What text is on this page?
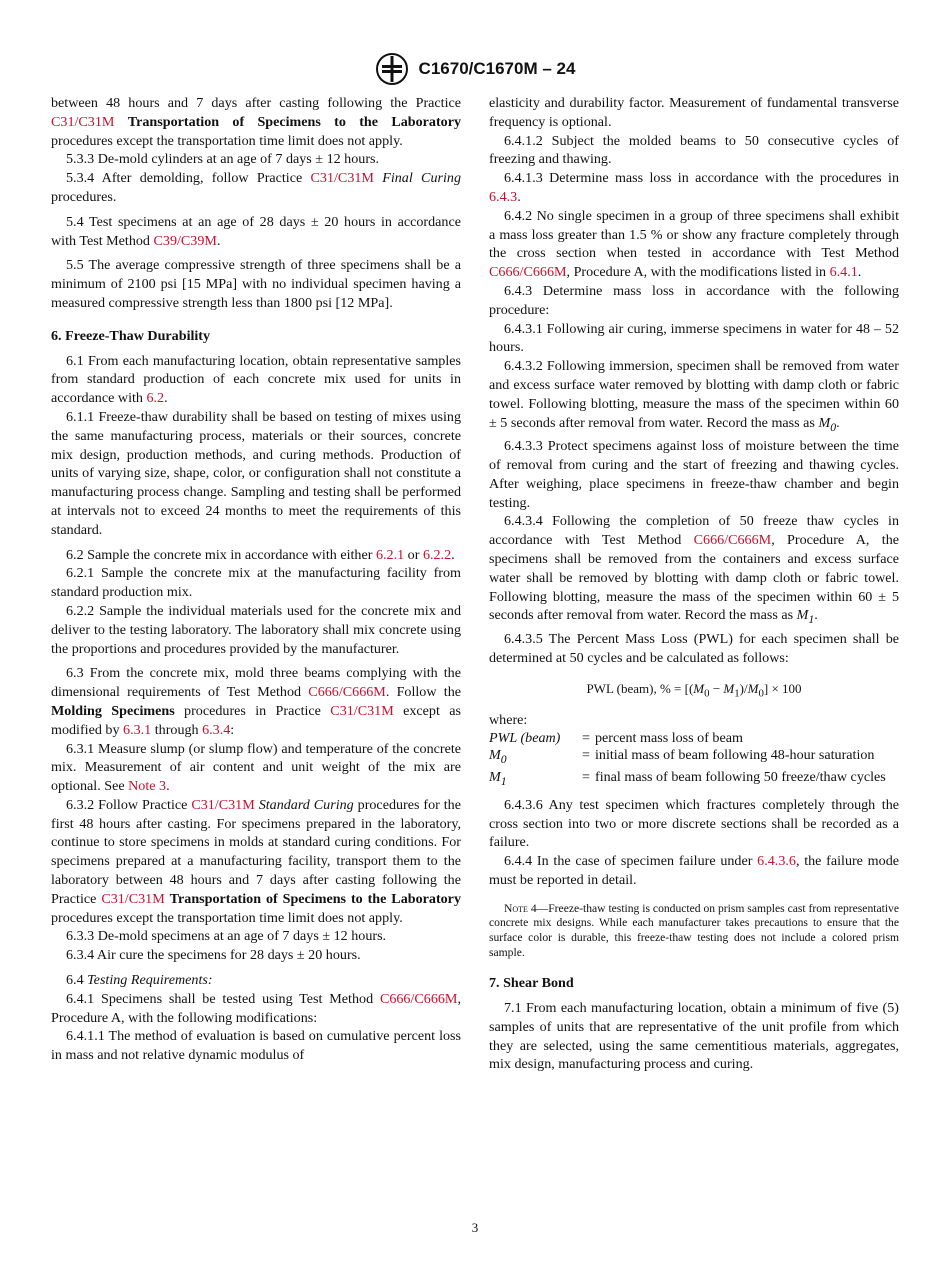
C1670/C1670M – 24

between 48 hours and 7 days after casting following the Practice C31/C31M Transportation of Specimens to the Laboratory procedures except the transportation time limit does not apply.

5.3.3 De-mold cylinders at an age of 7 days ± 12 hours.

5.3.4 After demolding, follow Practice C31/C31M Final Curing procedures.

5.4 Test specimens at an age of 28 days ± 20 hours in accordance with Test Method C39/C39M.

5.5 The average compressive strength of three specimens shall be a minimum of 2100 psi [15 MPa] with no individual specimen having a measured compressive strength less than 1800 psi [12 MPa].

6. Freeze-Thaw Durability

6.1 From each manufacturing location, obtain representative samples from standard production of each concrete mix used for units in accordance with 6.2.

6.1.1 Freeze-thaw durability shall be based on testing of mixes using the same manufacturing process, materials or their sources, concrete mix design, production methods, and curing methods. Production of units of varying size, shape, color, or configuration shall not constitute a manufacturing process change. Sampling and testing shall be performed at intervals not to exceed 24 months to meet the requirements of this standard.

6.2 Sample the concrete mix in accordance with either 6.2.1 or 6.2.2.

6.2.1 Sample the concrete mix at the manufacturing facility from standard production mix.

6.2.2 Sample the individual materials used for the concrete mix and deliver to the testing laboratory. The laboratory shall mix concrete using the proportions and procedures provided by the manufacturer.

6.3 From the concrete mix, mold three beams complying with the dimensional requirements of Test Method C666/C666M. Follow the Molding Specimens procedures in Practice C31/C31M except as modified by 6.3.1 through 6.3.4:

6.3.1 Measure slump (or slump flow) and temperature of the concrete mix. Measurement of air content and unit weight of the mix are optional. See Note 3.

6.3.2 Follow Practice C31/C31M Standard Curing procedures for the first 48 hours after casting. For specimens prepared in the laboratory, continue to store specimens in molds at standard curing conditions. For specimens prepared at a manufacturing facility, transport them to the laboratory between 48 hours and 7 days after casting following the Practice C31/C31M Transportation of Specimens to the Laboratory procedures except the transportation time limit does not apply.

6.3.3 De-mold specimens at an age of 7 days ± 12 hours.

6.3.4 Air cure the specimens for 28 days ± 20 hours.

6.4 Testing Requirements:

6.4.1 Specimens shall be tested using Test Method C666/C666M, Procedure A, with the following modifications:

6.4.1.1 The method of evaluation is based on cumulative percent loss in mass and not relative dynamic modulus of

elasticity and durability factor. Measurement of fundamental transverse frequency is optional.

6.4.1.2 Subject the molded beams to 50 consecutive cycles of freezing and thawing.

6.4.1.3 Determine mass loss in accordance with the procedures in 6.4.3.

6.4.2 No single specimen in a group of three specimens shall exhibit a mass loss greater than 1.5 % or show any fracture completely through the cross section when tested in accordance with Test Method C666/C666M, Procedure A, with the modifications listed in 6.4.1.

6.4.3 Determine mass loss in accordance with the following procedure:

6.4.3.1 Following air curing, immerse specimens in water for 48 – 52 hours.

6.4.3.2 Following immersion, specimen shall be removed from water and excess surface water removed by blotting with damp cloth or fabric towel. Following blotting, measure the mass of the specimen within 60 ± 5 seconds after removal from water. Record the mass as $M_0$.

6.4.3.3 Protect specimens against loss of moisture between the time of removal from curing and the start of freezing and thawing cycles. After weighing, place specimens in freeze-thaw chamber and begin testing.

6.4.3.4 Following the completion of 50 freeze thaw cycles in accordance with Test Method C666/C666M, Procedure A, the specimens shall be removed from the containers and excess surface water shall be removed by blotting with damp cloth or fabric towel. Following blotting, measure the mass of the specimen within 60 ± 5 seconds after removal from water. Record the mass as $M_1$.

6.4.3.5 The Percent Mass Loss (PWL) for each specimen shall be determined at 50 cycles and be calculated as follows:

PWL (beam), % = $[(M_0 - M_1)/M_0] \times 100$

where:

PWL (beam)	=	percent mass loss of beam
$M_0$	=	initial mass of beam following 48-hour saturation
$M_1$	=	final mass of beam following 50 freeze/thaw cycles

6.4.3.6 Any test specimen which fractures completely through the cross section into two or more discrete sections shall be recorded as a failure.

6.4.4 In the case of specimen failure under 6.4.3.6, the failure mode must be reported in detail.

Note 4—Freeze-thaw testing is conducted on prism samples cast from representative concrete mix designs. While each manufacturer takes precautions to ensure that the surface color is durable, this freeze-thaw testing does not include a colored prism sample.

7. Shear Bond

7.1 From each manufacturing location, obtain a minimum of five (5) samples of units that are representative of the unit profile from which they are selected, using the same cementitious materials, aggregates, mix design, manufacturing process and curing.

3
